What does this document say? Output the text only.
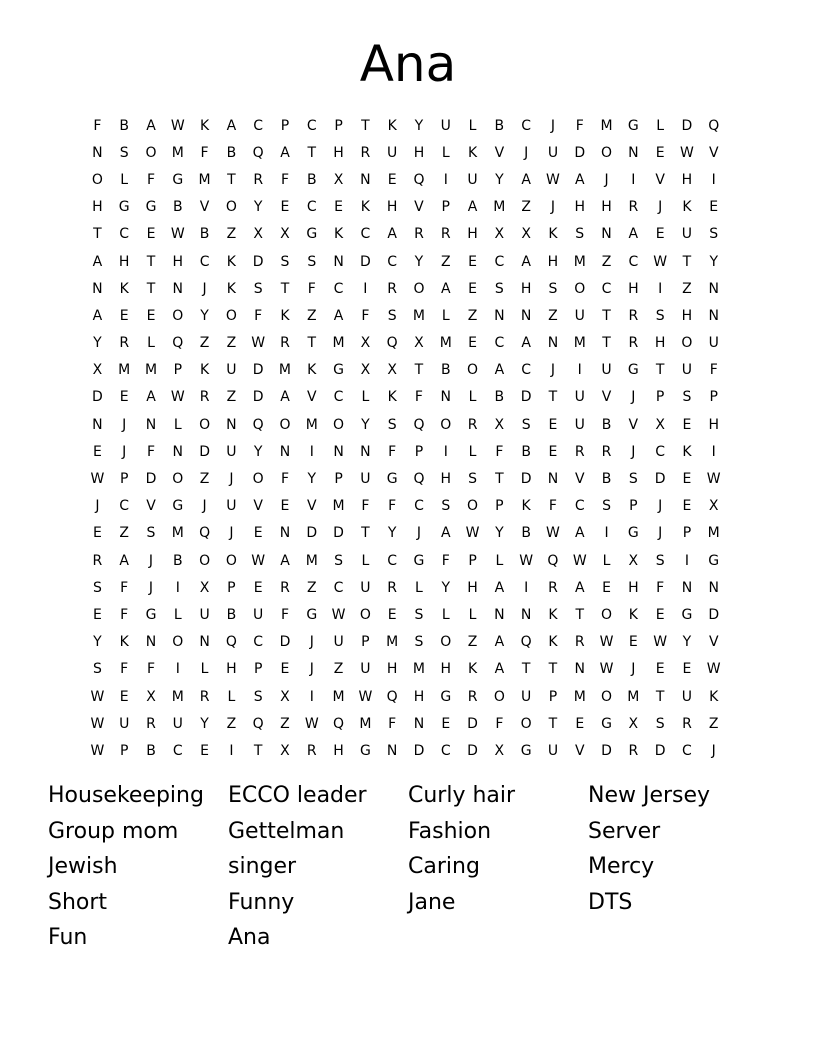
Ana
F	B	A	W	K	A	C	P	C	P	T	K	Y	U	L	B	C	J	F	M	G	L	D	Q
N	S	O	M	F	B	Q	A	T	H	R	U	H	L	K	V	J	U	D	O	N	E	W	V
O	L	F	G	M	T	R	F	B	X	N	E	Q	I	U	Y	A	W	A	J	I	V	H	I
H	G	G	B	V	O	Y	E	C	E	K	H	V	P	A	M	Z	J	H	H	R	J	K	E
T	C	E	W	B	Z	X	X	G	K	C	A	R	R	H	X	X	K	S	N	A	E	U	S
A	H	T	H	C	K	D	S	S	N	D	C	Y	Z	E	C	A	H	M	Z	C	W	T	Y
N	K	T	N	J	K	S	T	F	C	I	R	O	A	E	S	H	S	O	C	H	I	Z	N
A	E	E	O	Y	O	F	K	Z	A	F	S	M	L	Z	N	N	Z	U	T	R	S	H	N
Y	R	L	Q	Z	Z	W	R	T	M	X	Q	X	M	E	C	A	N	M	T	R	H	O	U
X	M	M	P	K	U	D	M	K	G	X	X	T	B	O	A	C	J	I	U	G	T	U	F
D	E	A	W	R	Z	D	A	V	C	L	K	F	N	L	B	D	T	U	V	J	P	S	P
N	J	N	L	O	N	Q	O	M	O	Y	S	Q	O	R	X	S	E	U	B	V	X	E	H
E	J	F	N	D	U	Y	N	I	N	N	F	P	I	L	F	B	E	R	R	J	C	K	I
W	P	D	O	Z	J	O	F	Y	P	U	G	Q	H	S	T	D	N	V	B	S	D	E	W
J	C	V	G	J	U	V	E	V	M	F	F	C	S	O	P	K	F	C	S	P	J	E	X
E	Z	S	M	Q	J	E	N	D	D	T	Y	J	A	W	Y	B	W	A	I	G	J	P	M
R	A	J	B	O	O	W	A	M	S	L	C	G	F	P	L	W	Q	W	L	X	S	I	G
S	F	J	I	X	P	E	R	Z	C	U	R	L	Y	H	A	I	R	A	E	H	F	N	N
E	F	G	L	U	B	U	F	G	W	O	E	S	L	L	N	N	K	T	O	K	E	G	D
Y	K	N	O	N	Q	C	D	J	U	P	M	S	O	Z	A	Q	K	R	W	E	W	Y	V
S	F	F	I	L	H	P	E	J	Z	U	H	M	H	K	A	T	T	N	W	J	E	E	W
W	E	X	M	R	L	S	X	I	M W	Q	H	G	R	O	U	P	M	O	M	T	U	K
W	U	R	U	Y	Z	Q	Z	W	Q	M	F	N	E	D	F	O	T	E	G	X	S	R	Z
W	P	B	C	E	I	T	X	R	H	G	N	D	C	D	X	G	U	V	D	R	D	C	J
Housekeeping	ECCO leader	Curly hair	New Jersey
Group mom	Gettelman	Fashion	Server
Jewish	singer	Caring	Mercy
Short	Funny	Jane	DTS
Fun	Ana
